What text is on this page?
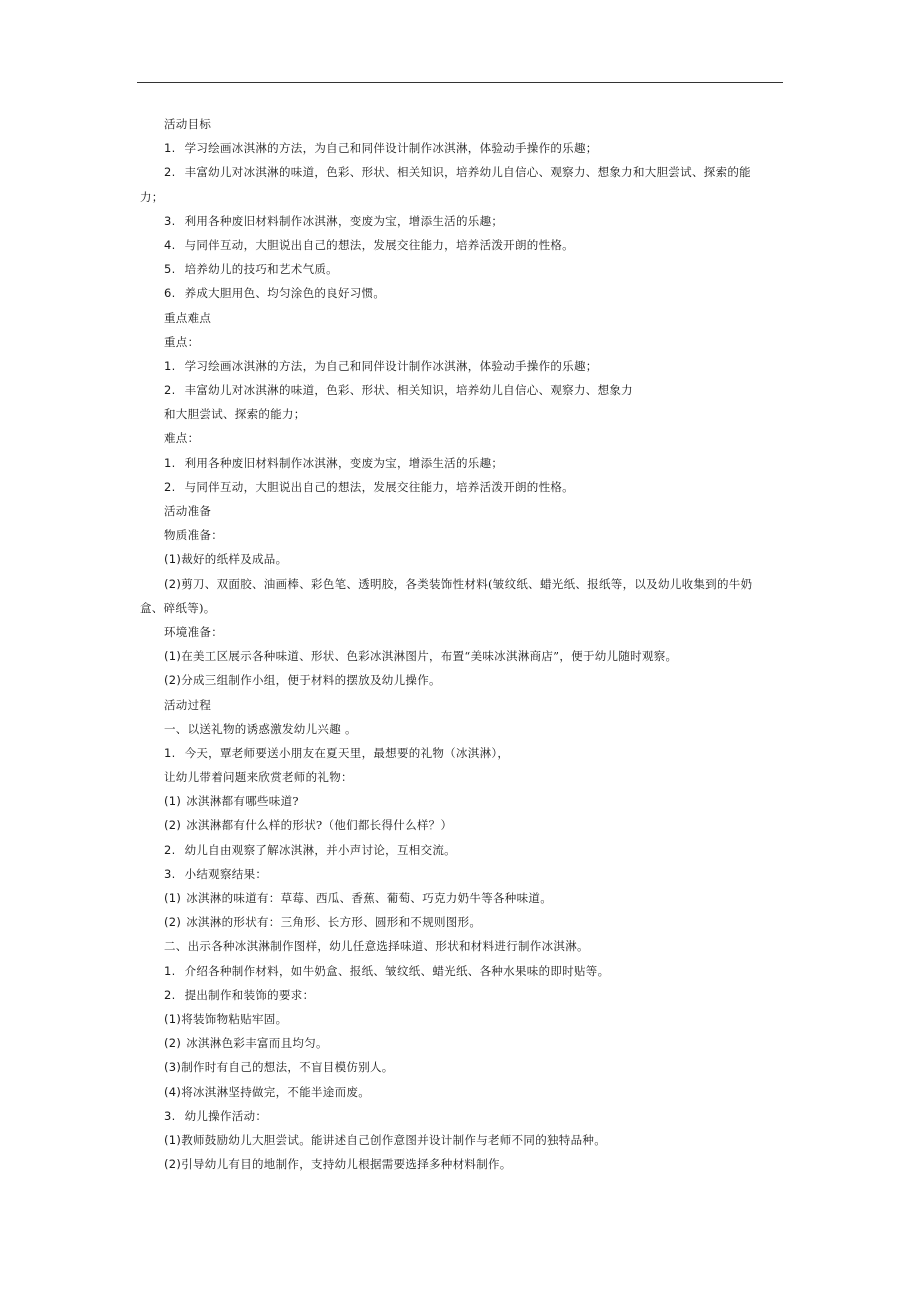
活动目标
1. 学习绘画冰淇淋的方法，为自己和同伴设计制作冰淇淋，体验动手操作的乐趣；
2. 丰富幼儿对冰淇淋的味道，色彩、形状、相关知识，培养幼儿自信心、观察力、想象力和大胆尝试、探索的能
力；
3. 利用各种废旧材料制作冰淇淋，变废为宝，增添生活的乐趣；
4. 与同伴互动，大胆说出自己的想法，发展交往能力，培养活泼开朗的性格。
5. 培养幼儿的技巧和艺术气质。
6. 养成大胆用色、均匀涂色的良好习惯。
重点难点
重点：
1. 学习绘画冰淇淋的方法，为自己和同伴设计制作冰淇淋，体验动手操作的乐趣；
2. 丰富幼儿对冰淇淋的味道，色彩、形状、相关知识，培养幼儿自信心、观察力、想象力
和大胆尝试、探索的能力；
难点：
1. 利用各种废旧材料制作冰淇淋，变废为宝，增添生活的乐趣；
2. 与同伴互动，大胆说出自己的想法，发展交往能力，培养活泼开朗的性格。
活动准备
物质准备：
(1)裁好的纸样及成品。
(2)剪刀、双面胶、油画棒、彩色笔、透明胶，各类装饰性材料(皱纹纸、蜡光纸、报纸等，以及幼儿收集到的牛奶
盒、碎纸等)。
环境准备：
(1)在美工区展示各种味道、形状、色彩冰淇淋图片，布置“美味冰淇淋商店”，便于幼儿随时观察。
(2)分成三组制作小组，便于材料的摆放及幼儿操作。
活动过程
一、以送礼物的诱惑激发幼儿兴趣 。
1. 今天，覃老师要送小朋友在夏天里，最想要的礼物（冰淇淋），
让幼儿带着问题来欣赏老师的礼物：
(1) 冰淇淋都有哪些味道?
(2) 冰淇淋都有什么样的形状?（他们都长得什么样？）
2. 幼儿自由观察了解冰淇淋，并小声讨论，互相交流。
3. 小结观察结果：
(1) 冰淇淋的味道有：草莓、西瓜、香蕉、葡萄、巧克力奶牛等各种味道。
(2) 冰淇淋的形状有：三角形、长方形、圆形和不规则图形。
二、出示各种冰淇淋制作图样，幼儿任意选择味道、形状和材料进行制作冰淇淋。
1. 介绍各种制作材料，如牛奶盒、报纸、皱纹纸、蜡光纸、各种水果味的即时贴等。
2. 提出制作和装饰的要求：
(1)将装饰物粘贴牢固。
(2) 冰淇淋色彩丰富而且均匀。
(3)制作时有自己的想法，不盲目模仿别人。
(4)将冰淇淋坚持做完，不能半途而废。
3. 幼儿操作活动：
(1)教师鼓励幼儿大胆尝试。能讲述自己创作意图并设计制作与老师不同的独特品种。
(2)引导幼儿有目的地制作，支持幼儿根据需要选择多种材料制作。
